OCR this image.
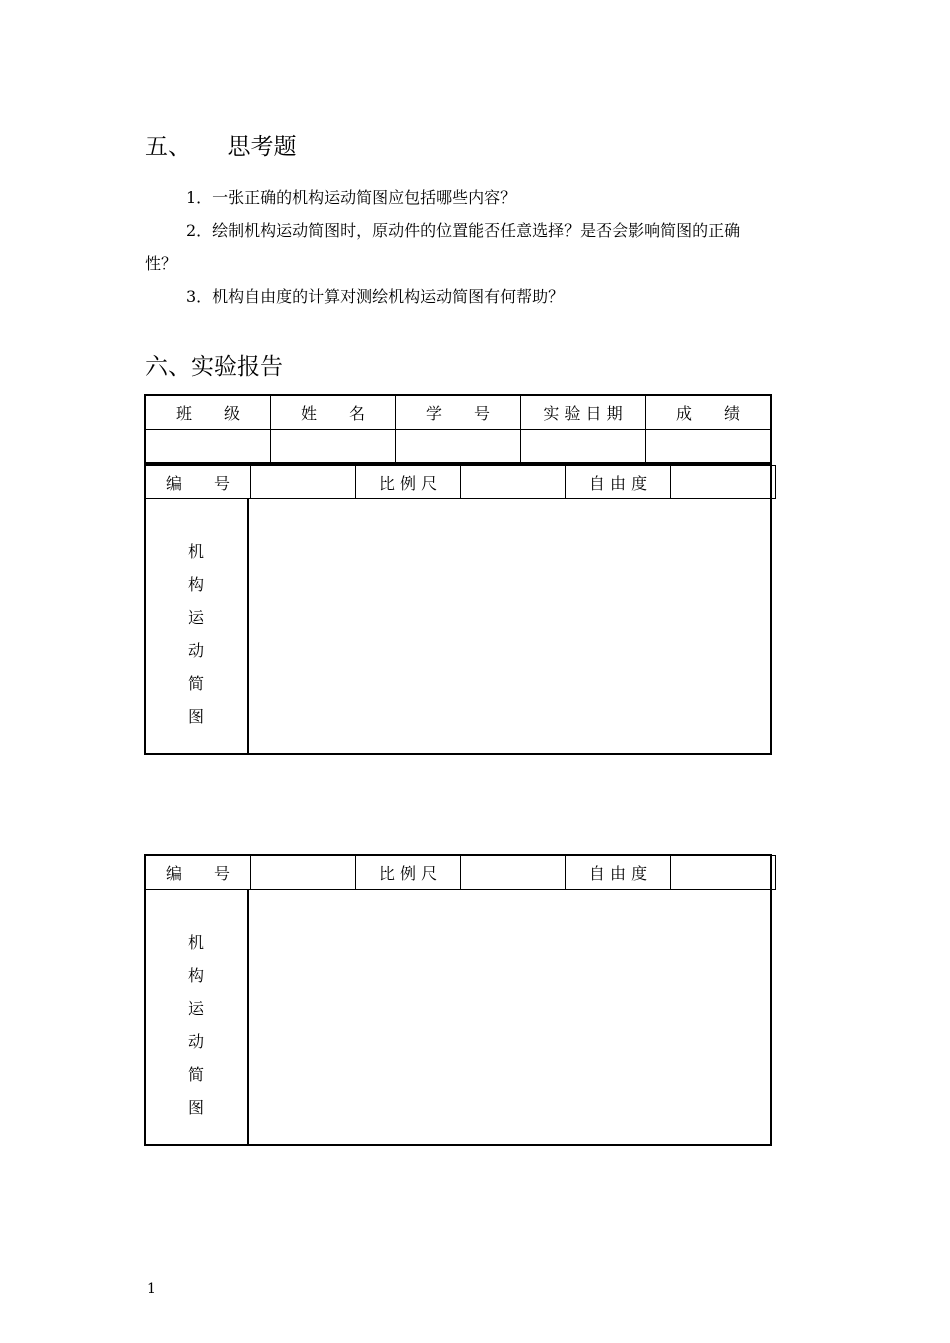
五、     思考题
1．一张正确的机构运动简图应包括哪些内容？
2．绘制机构运动简图时，原动件的位置能否任意选择？是否会影响简图的正确
性？
3．机构自由度的计算对测绘机构运动简图有何帮助？
六、实验报告
班　　级	姓　　名	学　　号	实 验 日 期	成　　绩

编　　号		比 例 尺		自 由 度	
机
构
运
动
简
图
编　　号		比 例 尺		自 由 度	
机
构
运
动
简
图
1
